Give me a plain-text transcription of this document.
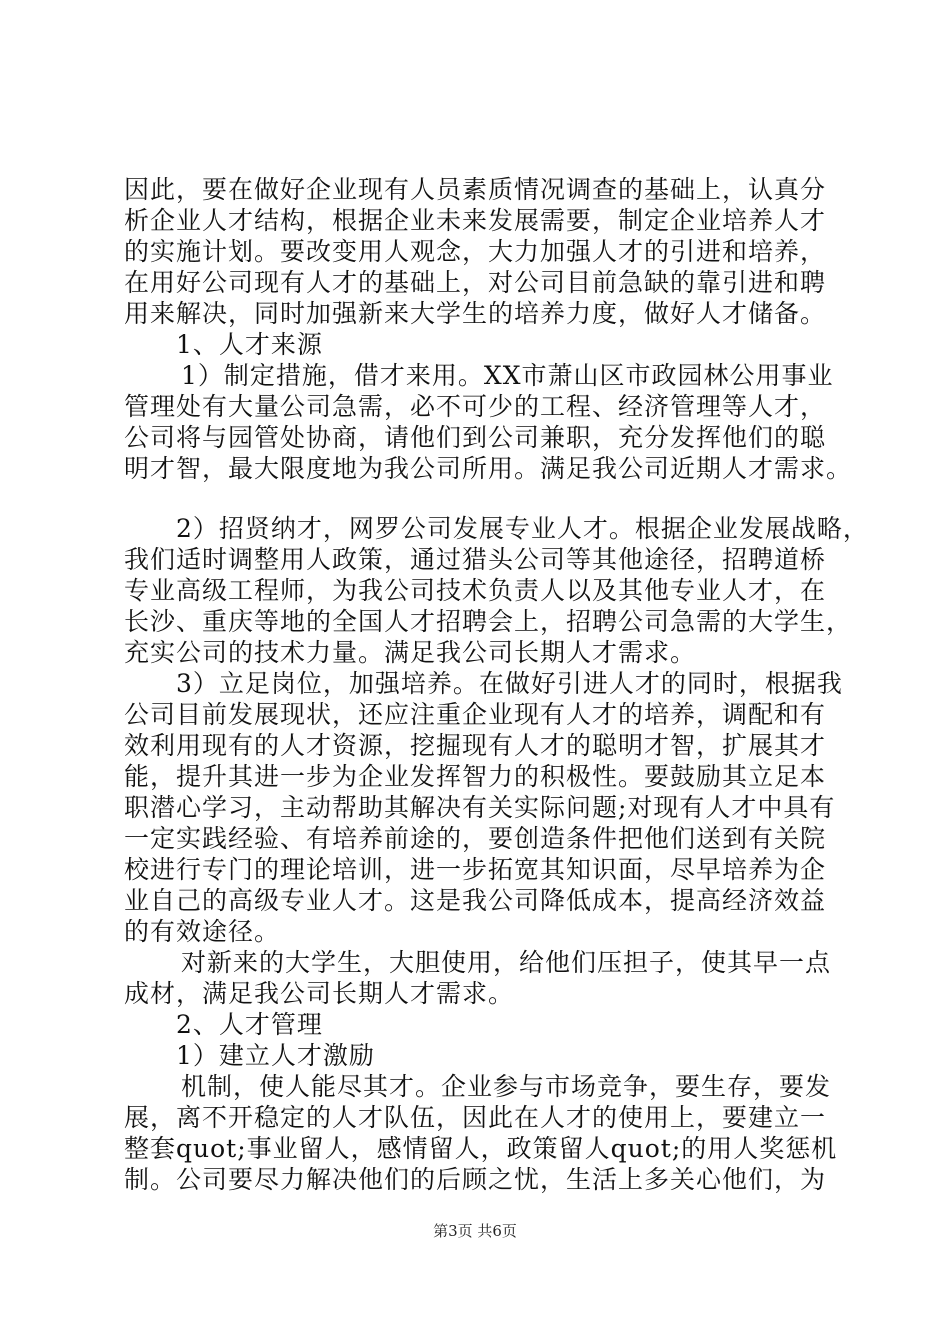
因此，要在做好企业现有人员素质情况调查的基础上，认真分
析企业人才结构，根据企业未来发展需要，制定企业培养人才
的实施计划。要改变用人观念，大力加强人才的引进和培养，
在用好公司现有人才的基础上，对公司目前急缺的靠引进和聘
用来解决，同时加强新来大学生的培养力度，做好人才储备。
1、人才来源
1）制定措施，借才来用。XX市萧山区市政园林公用事业
管理处有大量公司急需，必不可少的工程、经济管理等人才，
公司将与园管处协商，请他们到公司兼职，充分发挥他们的聪
明才智，最大限度地为我公司所用。满足我公司近期人才需求。
2）招贤纳才，网罗公司发展专业人才。根据企业发展战略，
我们适时调整用人政策，通过猎头公司等其他途径，招聘道桥
专业高级工程师，为我公司技术负责人以及其他专业人才，在
长沙、重庆等地的全国人才招聘会上，招聘公司急需的大学生，
充实公司的技术力量。满足我公司长期人才需求。
3）立足岗位，加强培养。在做好引进人才的同时，根据我
公司目前发展现状，还应注重企业现有人才的培养，调配和有
效利用现有的人才资源，挖掘现有人才的聪明才智，扩展其才
能，提升其进一步为企业发挥智力的积极性。要鼓励其立足本
职潜心学习，主动帮助其解决有关实际问题;对现有人才中具有
一定实践经验、有培养前途的，要创造条件把他们送到有关院
校进行专门的理论培训，进一步拓宽其知识面，尽早培养为企
业自己的高级专业人才。这是我公司降低成本，提高经济效益
的有效途径。
对新来的大学生，大胆使用，给他们压担子，使其早一点
成材，满足我公司长期人才需求。
2、人才管理
1）建立人才激励
机制，使人能尽其才。企业参与市场竞争，要生存，要发
展，离不开稳定的人才队伍，因此在人才的使用上，要建立一
整套quot;事业留人，感情留人，政策留人quot;的用人奖惩机
制。公司要尽力解决他们的后顾之忧，生活上多关心他们，为
第3页 共6页
